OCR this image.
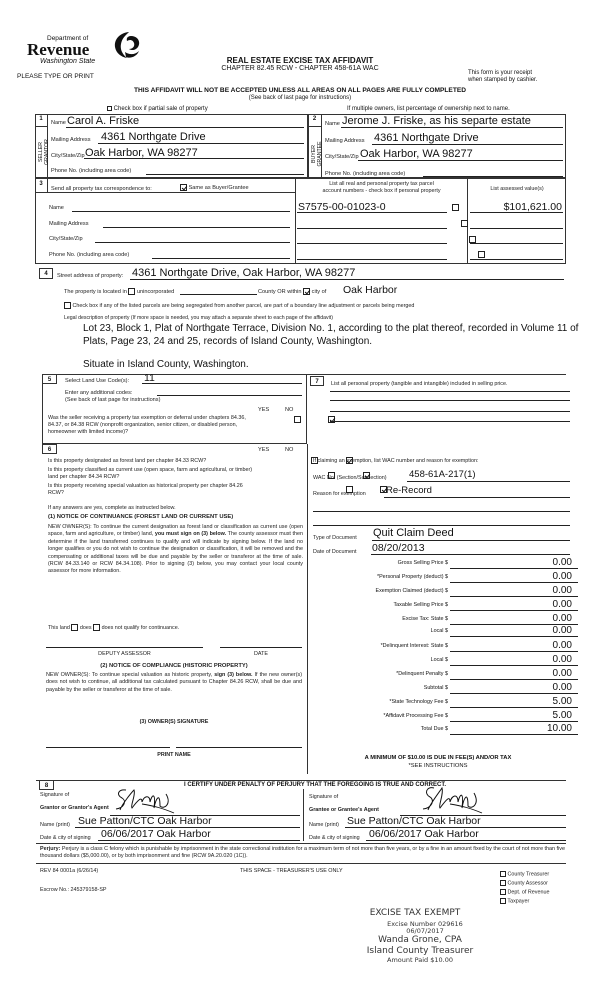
Department of
Revenue
Washington State
PLEASE TYPE OR PRINT
REAL ESTATE EXCISE TAX AFFIDAVIT
CHAPTER 82.45 RCW - CHAPTER 458-61A WAC
This form is your receipt
when stamped by cashier.
THIS AFFIDAVIT WILL NOT BE ACCEPTED UNLESS ALL AREAS ON ALL PAGES ARE FULLY COMPLETED
(See back of last page for instructions)
Check box if partial sale of property	If multiple owners, list percentage of ownership next to name.
1
SELLER GRANTOR
Name Carol A. Friske
Mailing Address 4361 Northgate Drive
City/State/Zip Oak Harbor, WA 98277
Phone No. (including area code)
2
BUYER GRANTEE
Name Jerome J. Friske, as his separte estate
Mailing Address 4361 Northgate Drive
City/State/Zip Oak Harbor, WA 98277
Phone No. (including area code)
3
Send all property tax correspondence to:	Same as Buyer/Grantee
List all real and personal property tax parcel
account numbers - check box if personal property	List assessed value(s)
Name
Mailing Address
City/State/Zip
Phone No. (including area code)
S7575-00-01023-0
	$101,621.00

4	Street address of property: 4361 Northgate Drive, Oak Harbor, WA 98277
The property is located in unincorporated	County OR within city of Oak Harbor
Check box if any of the listed parcels are being segregated from another parcel, are part of a boundary line adjustment or parcels being merged
Legal description of property (If more space is needed, you may attach a separate sheet to each page of the affidavit)
Lot 23, Block 1, Plat of Northgate Terrace, Division No. 1, according to the plat thereof, recorded in Volume 11 of
Plats, Page 23, 24 and 25, records of Island County, Washington.
Situate in Island County, Washington.
5	Select Land Use Code(s): 11
Enter any additional codes:
(See back of last page for instructions)
YES	NO
Was the seller receiving a property tax exemption or deferral under chapters 84.36, 84.37, or 84.38 RCW (nonprofit organization, senior citizen, or disabled person, homeowner with limited income)?

6	YES	NO
Is this property designated as forest land per chapter 84.33 RCW?

Is this property classified as current use (open space, farm and agricultural, or timber) land per chapter 84.34 RCW?

Is this property receiving special valuation as historical property per chapter 84.26 RCW?

If any answers are yes, complete as instructed below.
(1) NOTICE OF CONTINUANCE (FOREST LAND OR CURRENT USE)
NEW OWNER(S): To continue the current designation as forest land or classification as current use (open space, farm and agriculture, or timber) land, you must sign on (3) below. The county assessor must then determine if the land transferred continues to qualify and will indicate by signing below. If the land no longer qualifies or you do not wish to continue the designation or classification, it will be removed and the compensating or additional taxes will be due and payable by the seller or transferor at the time of sale. (RCW 84.33.140 or RCW 84.34.108). Prior to signing (3) below, you may contact your local county assessor for more information.
This land does does not qualify for continuance.
DEPUTY ASSESSOR	DATE
(2) NOTICE OF COMPLIANCE (HISTORIC PROPERTY)
NEW OWNER(S): To continue special valuation as historic property, sign (3) below. If the new owner(s) does not wish to continue, all additional tax calculated pursuant to Chapter 84.26 RCW, shall be due and payable by the seller or transferor at the time of sale.
(3) OWNER(S) SIGNATURE
PRINT NAME
7	List all personal property (tangible and intangible) included in selling price.
If claiming an exemption, list WAC number and reason for exemption:
WAC No. (Section/Subsection) 458-61A-217(1)
Reason for exemption Re-Record
Type of Document Quit Claim Deed
Date of Document 08/20/2013
Gross Selling Price $	0.00
*Personal Property (deduct) $	0.00
Exemption Claimed (deduct) $	0.00
Taxable Selling Price $	0.00
Excise Tax: State $	0.00
Local $	0.00
*Delinquent Interest: State $	0.00
Local $	0.00
*Delinquent Penalty $	0.00
Subtotal $	0.00
*State Technology Fee $	5.00
*Affidavit Processing Fee $	5.00
Total Due $	10.00
A MINIMUM OF $10.00 IS DUE IN FEE(S) AND/OR TAX
*SEE INSTRUCTIONS
8	I CERTIFY UNDER PENALTY OF PERJURY THAT THE FOREGOING IS TRUE AND CORRECT.
Signature of
Grantor or Grantor's Agent
Name (print) Sue Patton/CTC Oak Harbor
Date & city of signing 06/06/2017 Oak Harbor
Signature of
Grantee or Grantee's Agent
Name (print) Sue Patton/CTC Oak Harbor
Date & city of signing 06/06/2017 Oak Harbor
Perjury: Perjury is a class C felony which is punishable by imprisonment in the state correctional institution for a maximum term of not more than five years, or by a fine in an amount fixed by the court of not more than five thousand dollars ($5,000.00), or by both imprisonment and fine (RCW 9A.20.020 (1C)).
REV 84 0001a (6/26/14)	THIS SPACE - TREASURER'S USE ONLY
Escrow No.: 245379158-SP
County Treasurer
County Assessor
Dept. of Revenue
Taxpayer
EXCISE TAX EXEMPT
Excise Number 029616
06/07/2017
Wanda Grone, CPA
Island County Treasurer
Amount Paid $10.00
